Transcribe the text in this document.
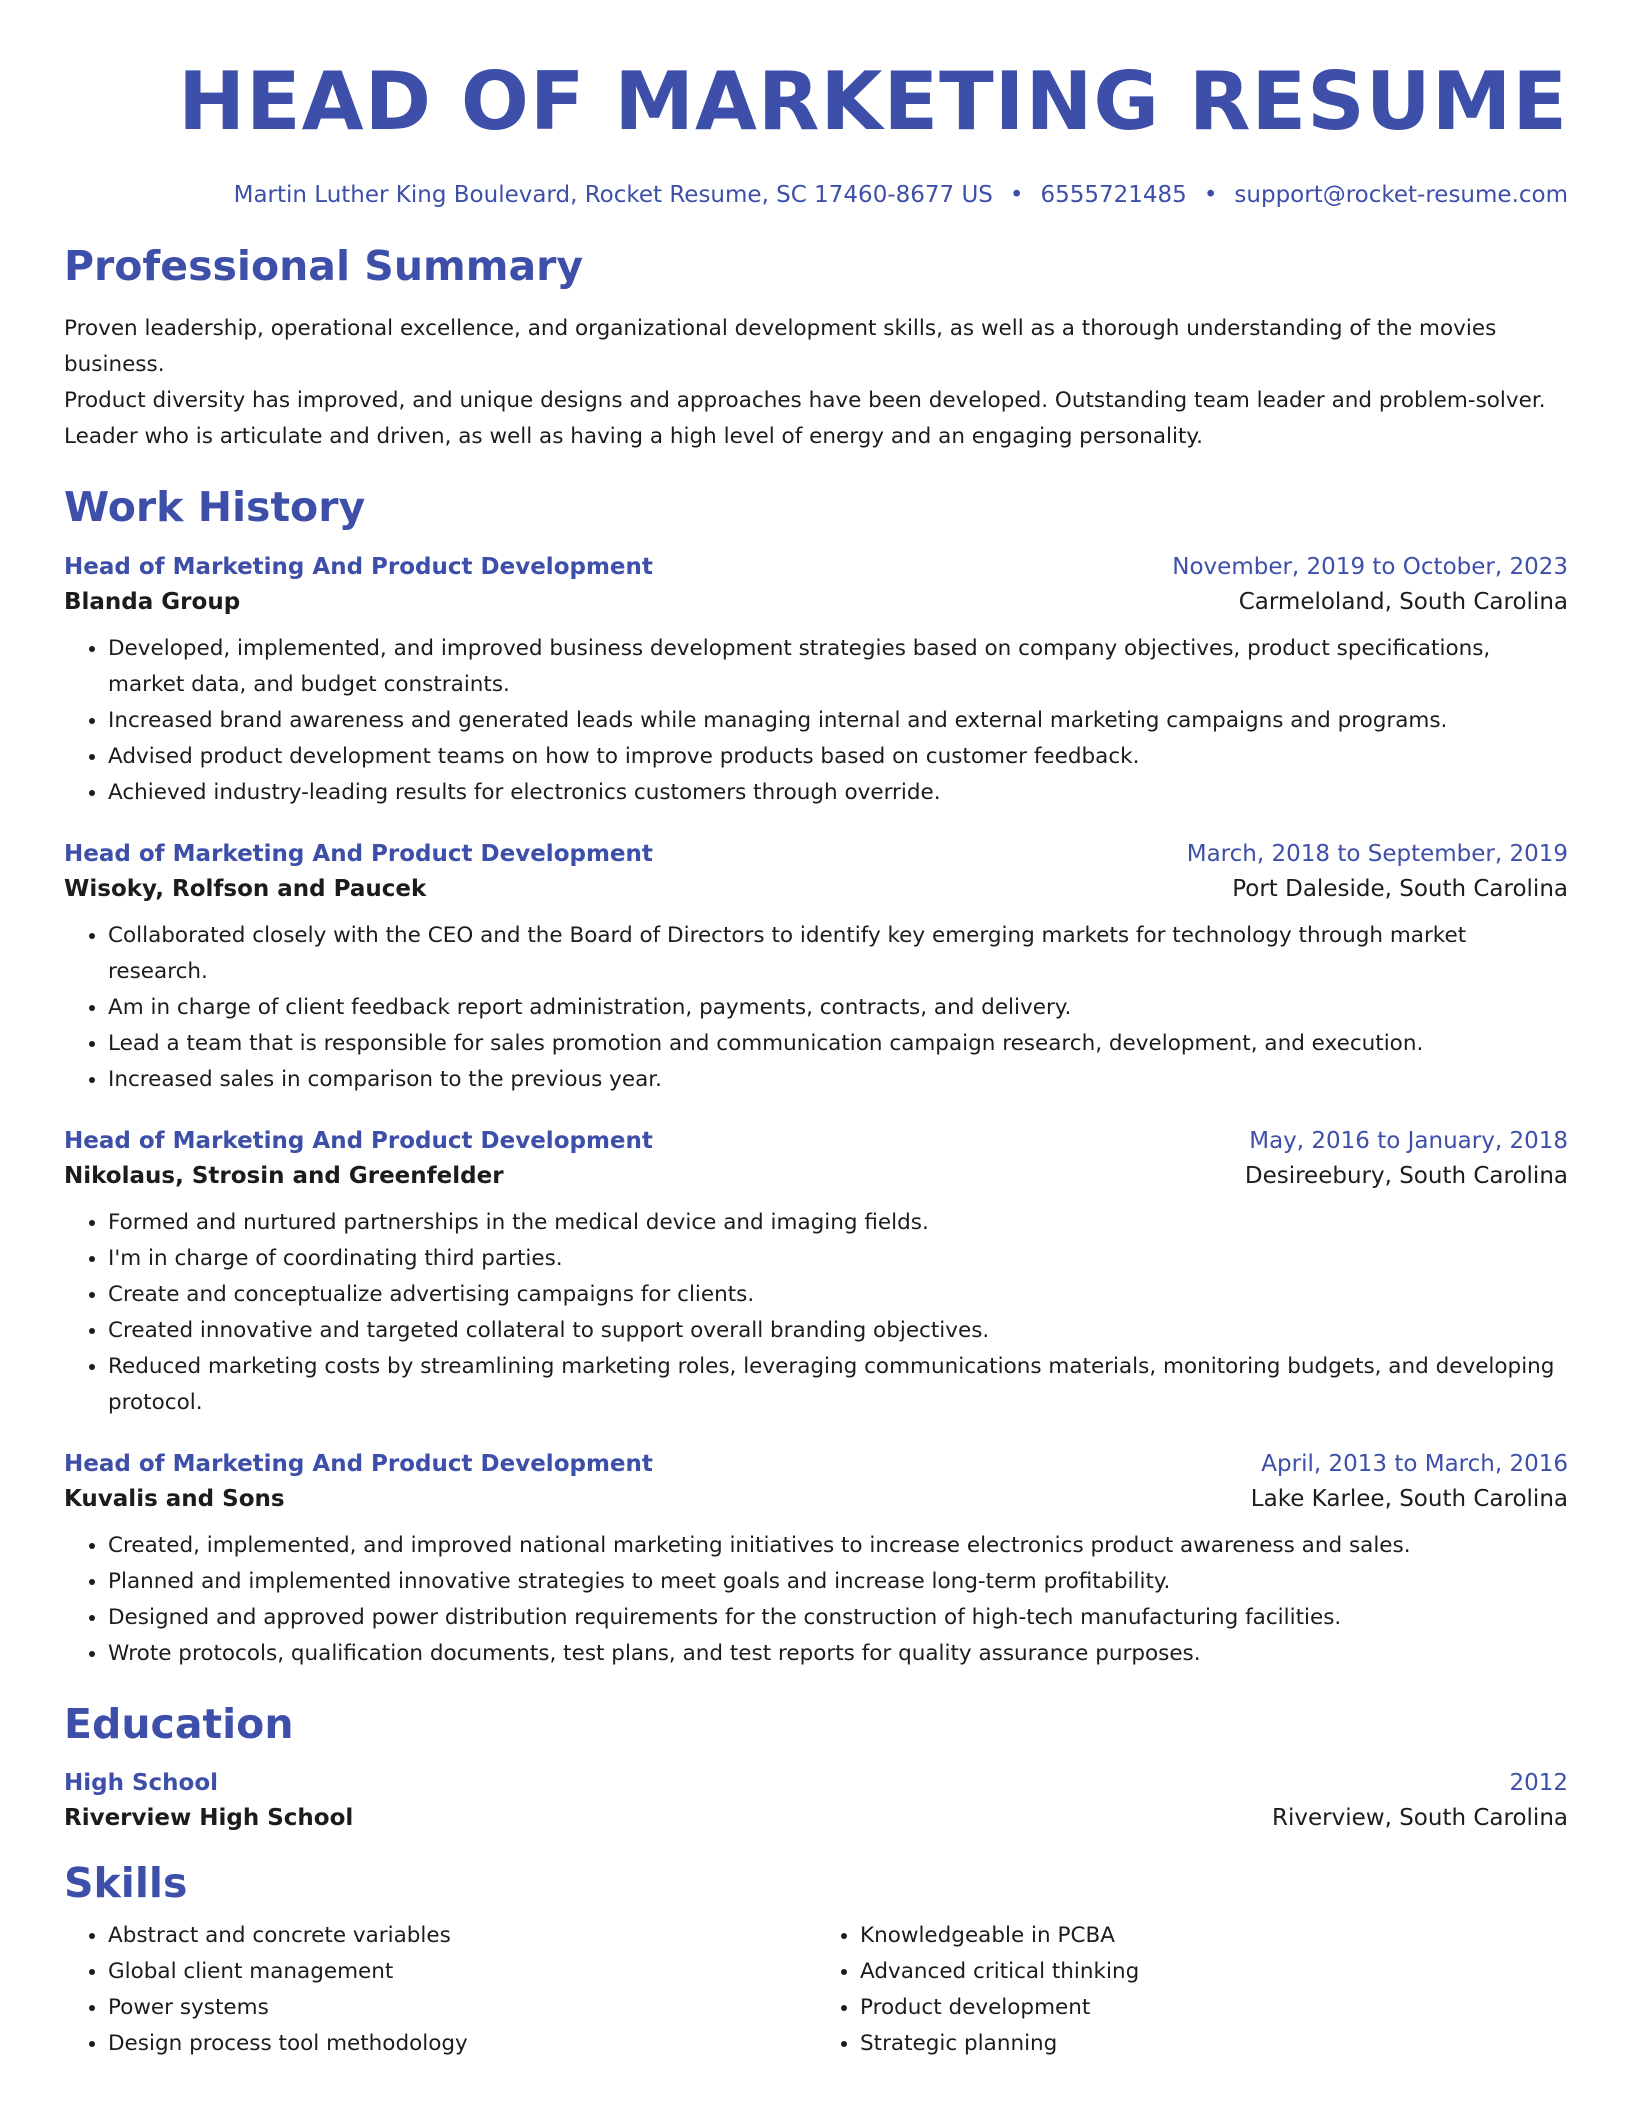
HEAD OF MARKETING RESUME
Martin Luther King Boulevard, Rocket Resume, SC 17460-8677 US • 6555721485 • support@rocket-resume.com
Professional Summary

Proven leadership, operational excellence, and organizational development skills, as well as a thorough understanding of the movies business.
Product diversity has improved, and unique designs and approaches have been developed. Outstanding team leader and problem-solver.
Leader who is articulate and driven, as well as having a high level of energy and an engaging personality.

Work History
Head of Marketing And Product Development	November, 2019 to October, 2023
Blanda Group	Carmeloland, South Carolina
• Developed, implemented, and improved business development strategies based on company objectives, product specifications, market data, and budget constraints.
• Increased brand awareness and generated leads while managing internal and external marketing campaigns and programs.
• Advised product development teams on how to improve products based on customer feedback.
• Achieved industry-leading results for electronics customers through override.
Head of Marketing And Product Development	March, 2018 to September, 2019
Wisoky, Rolfson and Paucek	Port Daleside, South Carolina
• Collaborated closely with the CEO and the Board of Directors to identify key emerging markets for technology through market research.
• Am in charge of client feedback report administration, payments, contracts, and delivery.
• Lead a team that is responsible for sales promotion and communication campaign research, development, and execution.
• Increased sales in comparison to the previous year.
Head of Marketing And Product Development	May, 2016 to January, 2018
Nikolaus, Strosin and Greenfelder	Desireebury, South Carolina
• Formed and nurtured partnerships in the medical device and imaging fields.
• I'm in charge of coordinating third parties.
• Create and conceptualize advertising campaigns for clients.
• Created innovative and targeted collateral to support overall branding objectives.
• Reduced marketing costs by streamlining marketing roles, leveraging communications materials, monitoring budgets, and developing protocol.
Head of Marketing And Product Development	April, 2013 to March, 2016
Kuvalis and Sons	Lake Karlee, South Carolina
• Created, implemented, and improved national marketing initiatives to increase electronics product awareness and sales.
• Planned and implemented innovative strategies to meet goals and increase long-term profitability.
• Designed and approved power distribution requirements for the construction of high-tech manufacturing facilities.
• Wrote protocols, qualification documents, test plans, and test reports for quality assurance purposes.
Education
High School	2012
Riverview High School	Riverview, South Carolina
Skills
• Abstract and concrete variables
• Global client management
• Power systems
• Design process tool methodology
• Knowledgeable in PCBA
• Advanced critical thinking
• Product development
• Strategic planning
